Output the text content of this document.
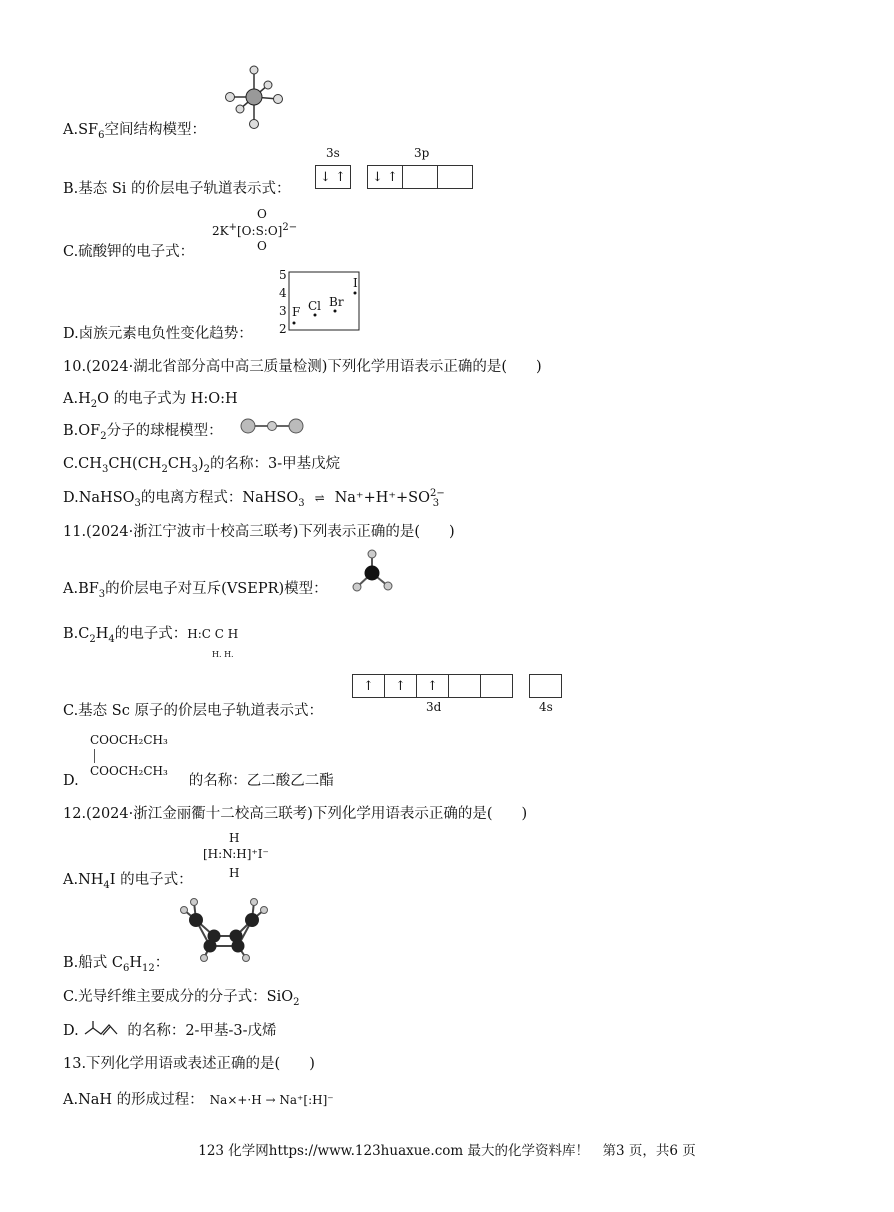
$A.SF_6$空间结构模型：
3s	3p
↓ ↑	↓ ↑
B.基态 Si 的价层电子轨道表示式：
O
2K+[O:S:O]$^{2-}$
O
C.硫酸钾的电子式：
5
4
3
2
F Cl Br
I
D.卤族元素电负性变化趋势：
10.(2024·湖北省部分高中高三质量检测)下列化学用语表示正确的是(　　)
$A.H_2O$ 的电子式为 H:O:H
$B.OF_2$分子的球棍模型：
$C.CH_3CH(CH_2CH_3)_2$的名称：3-甲基戊烷
D.NaHSO$_3$的电离方程式：NaHSO$_3$ ⇌ $Na^++H^++SO^{2-}_3$
11.(2024·浙江宁波市十校高三联考)下列表示正确的是(　　)
$A.BF_3$的价层电子对互斥(VSEPR)模型：
$B.C_2H_4$的电子式：H:C C H
H. H.
↑	↑	↑
3d	4s
C.基态 Sc 原子的价层电子轨道表示式：
COOCH₂CH₃
COOCH₂CH₃
D.	的名称：乙二酸乙二酯
12.(2024·浙江金丽衢十二校高三联考)下列化学用语表示正确的是(　　)
H
[H:N:H]⁺I⁻
H
$A.NH_4I$ 的电子式：
B.船式 $C_6H_{12}$：
C.光导纤维主要成分的分子式：SiO$_2$
D.	的名称：2-甲基-3-戊烯
13.下列化学用语或表述正确的是(　　)
A.NaH 的形成过程： Na×+·H → Na⁺[:H]⁻
123 化学网https://www.123huaxue.com 最大的化学资料库！　第3 页，共6 页
